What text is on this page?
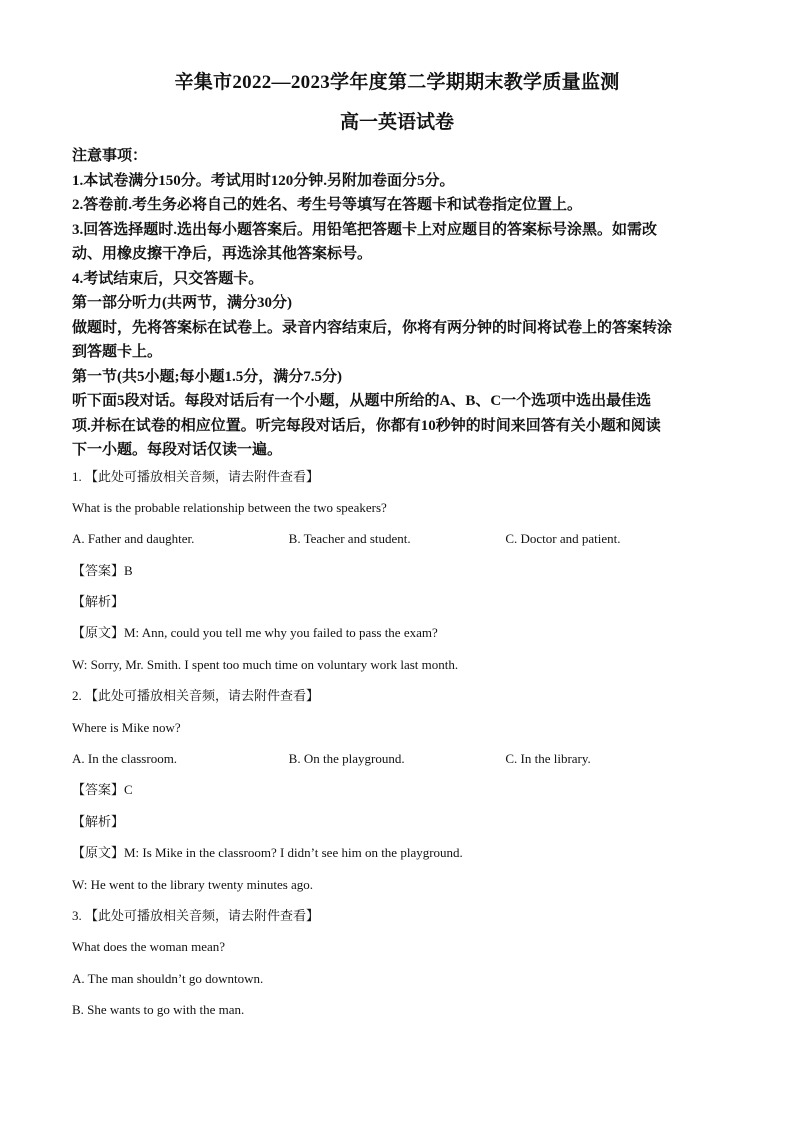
辛集市2022—2023学年度第二学期期末教学质量监测
高一英语试卷

注意事项：

1.本试卷满分150分。考试用时120分钟.另附加卷面分5分。

2.答卷前.考生务必将自己的姓名、考生号等填写在答题卡和试卷指定位置上。

3.回答选择题时.选出每小题答案后。用铅笔把答题卡上对应题目的答案标号涂黑。如需改

动、用橡皮擦干净后，再选涂其他答案标号。

4.考试结束后，只交答题卡。

第一部分听力(共两节，满分30分)

做题时，先将答案标在试卷上。录音内容结束后，你将有两分钟的时间将试卷上的答案转涂

到答题卡上。

第一节(共5小题;每小题1.5分，满分7.5分)

听下面5段对话。每段对话后有一个小题，从题中所给的A、B、C一个选项中选出最佳选

项.并标在试卷的相应位置。听完每段对话后，你都有10秒钟的时间来回答有关小题和阅读

下一小题。每段对话仅读一遍。

1. 【此处可播放相关音频，请去附件查看】

What is the probable relationship between the two speakers?

A. Father and daughter.	B. Teacher and student.	C. Doctor and patient.

【答案】B

【解析】

【原文】M: Ann, could you tell me why you failed to pass the exam?

W: Sorry, Mr. Smith. I spent too much time on voluntary work last month.

2. 【此处可播放相关音频，请去附件查看】

Where is Mike now?

A. In the classroom.	B. On the playground.	C. In the library.

【答案】C

【解析】

【原文】M: Is Mike in the classroom? I didn’t see him on the playground.

W: He went to the library twenty minutes ago.

3. 【此处可播放相关音频，请去附件查看】

What does the woman mean?

A. The man shouldn’t go downtown.

B. She wants to go with the man.
